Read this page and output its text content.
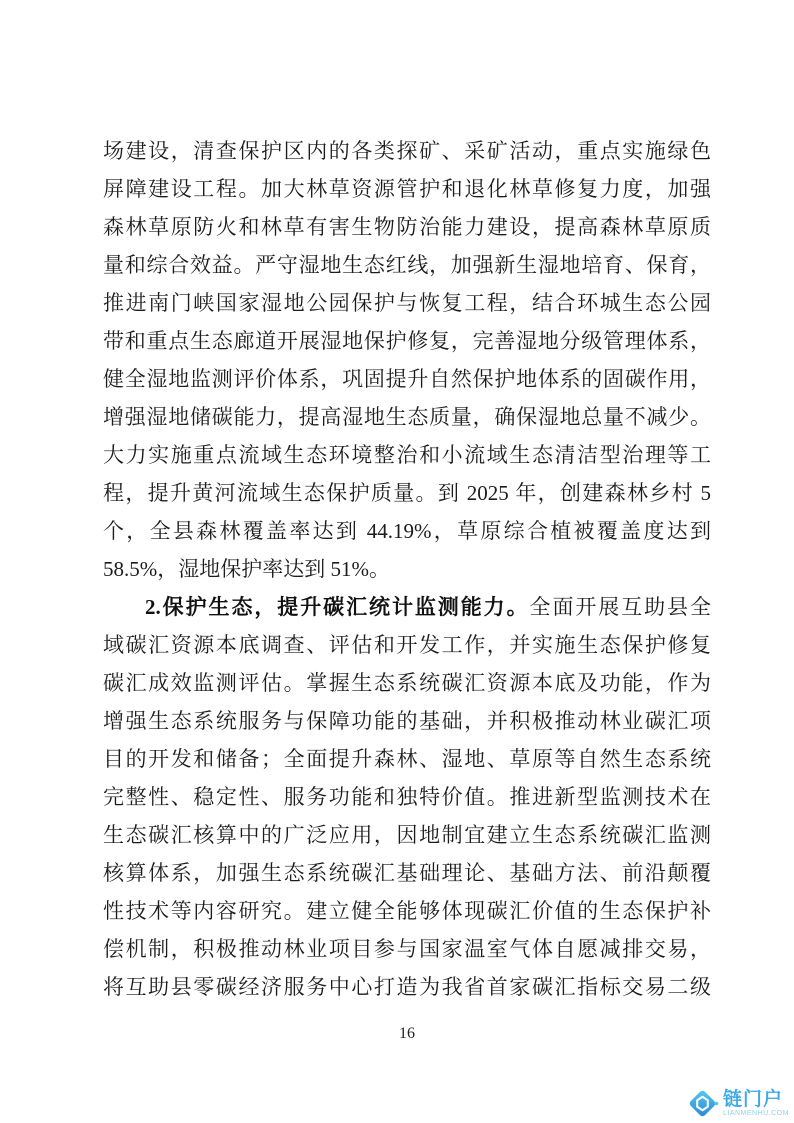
场建设，清查保护区内的各类探矿、采矿活动，重点实施绿色
屏障建设工程。加大林草资源管护和退化林草修复力度，加强
森林草原防火和林草有害生物防治能力建设，提高森林草原质
量和综合效益。严守湿地生态红线，加强新生湿地培育、保育，
推进南门峡国家湿地公园保护与恢复工程，结合环城生态公园
带和重点生态廊道开展湿地保护修复，完善湿地分级管理体系，
健全湿地监测评价体系，巩固提升自然保护地体系的固碳作用，
增强湿地储碳能力，提高湿地生态质量，确保湿地总量不减少。
大力实施重点流域生态环境整治和小流域生态清洁型治理等工
程，提升黄河流域生态保护质量。到 2025 年，创建森林乡村 5
个，全县森林覆盖率达到 44.19%，草原综合植被覆盖度达到
58.5%，湿地保护率达到 51%。
2.保护生态，提升碳汇统计监测能力。全面开展互助县全
域碳汇资源本底调查、评估和开发工作，并实施生态保护修复
碳汇成效监测评估。掌握生态系统碳汇资源本底及功能，作为
增强生态系统服务与保障功能的基础，并积极推动林业碳汇项
目的开发和储备；全面提升森林、湿地、草原等自然生态系统
完整性、稳定性、服务功能和独特价值。推进新型监测技术在
生态碳汇核算中的广泛应用，因地制宜建立生态系统碳汇监测
核算体系，加强生态系统碳汇基础理论、基础方法、前沿颠覆
性技术等内容研究。建立健全能够体现碳汇价值的生态保护补
偿机制，积极推动林业项目参与国家温室气体自愿减排交易，
将互助县零碳经济服务中心打造为我省首家碳汇指标交易二级
16
链门户
LIANMENHU.COM
